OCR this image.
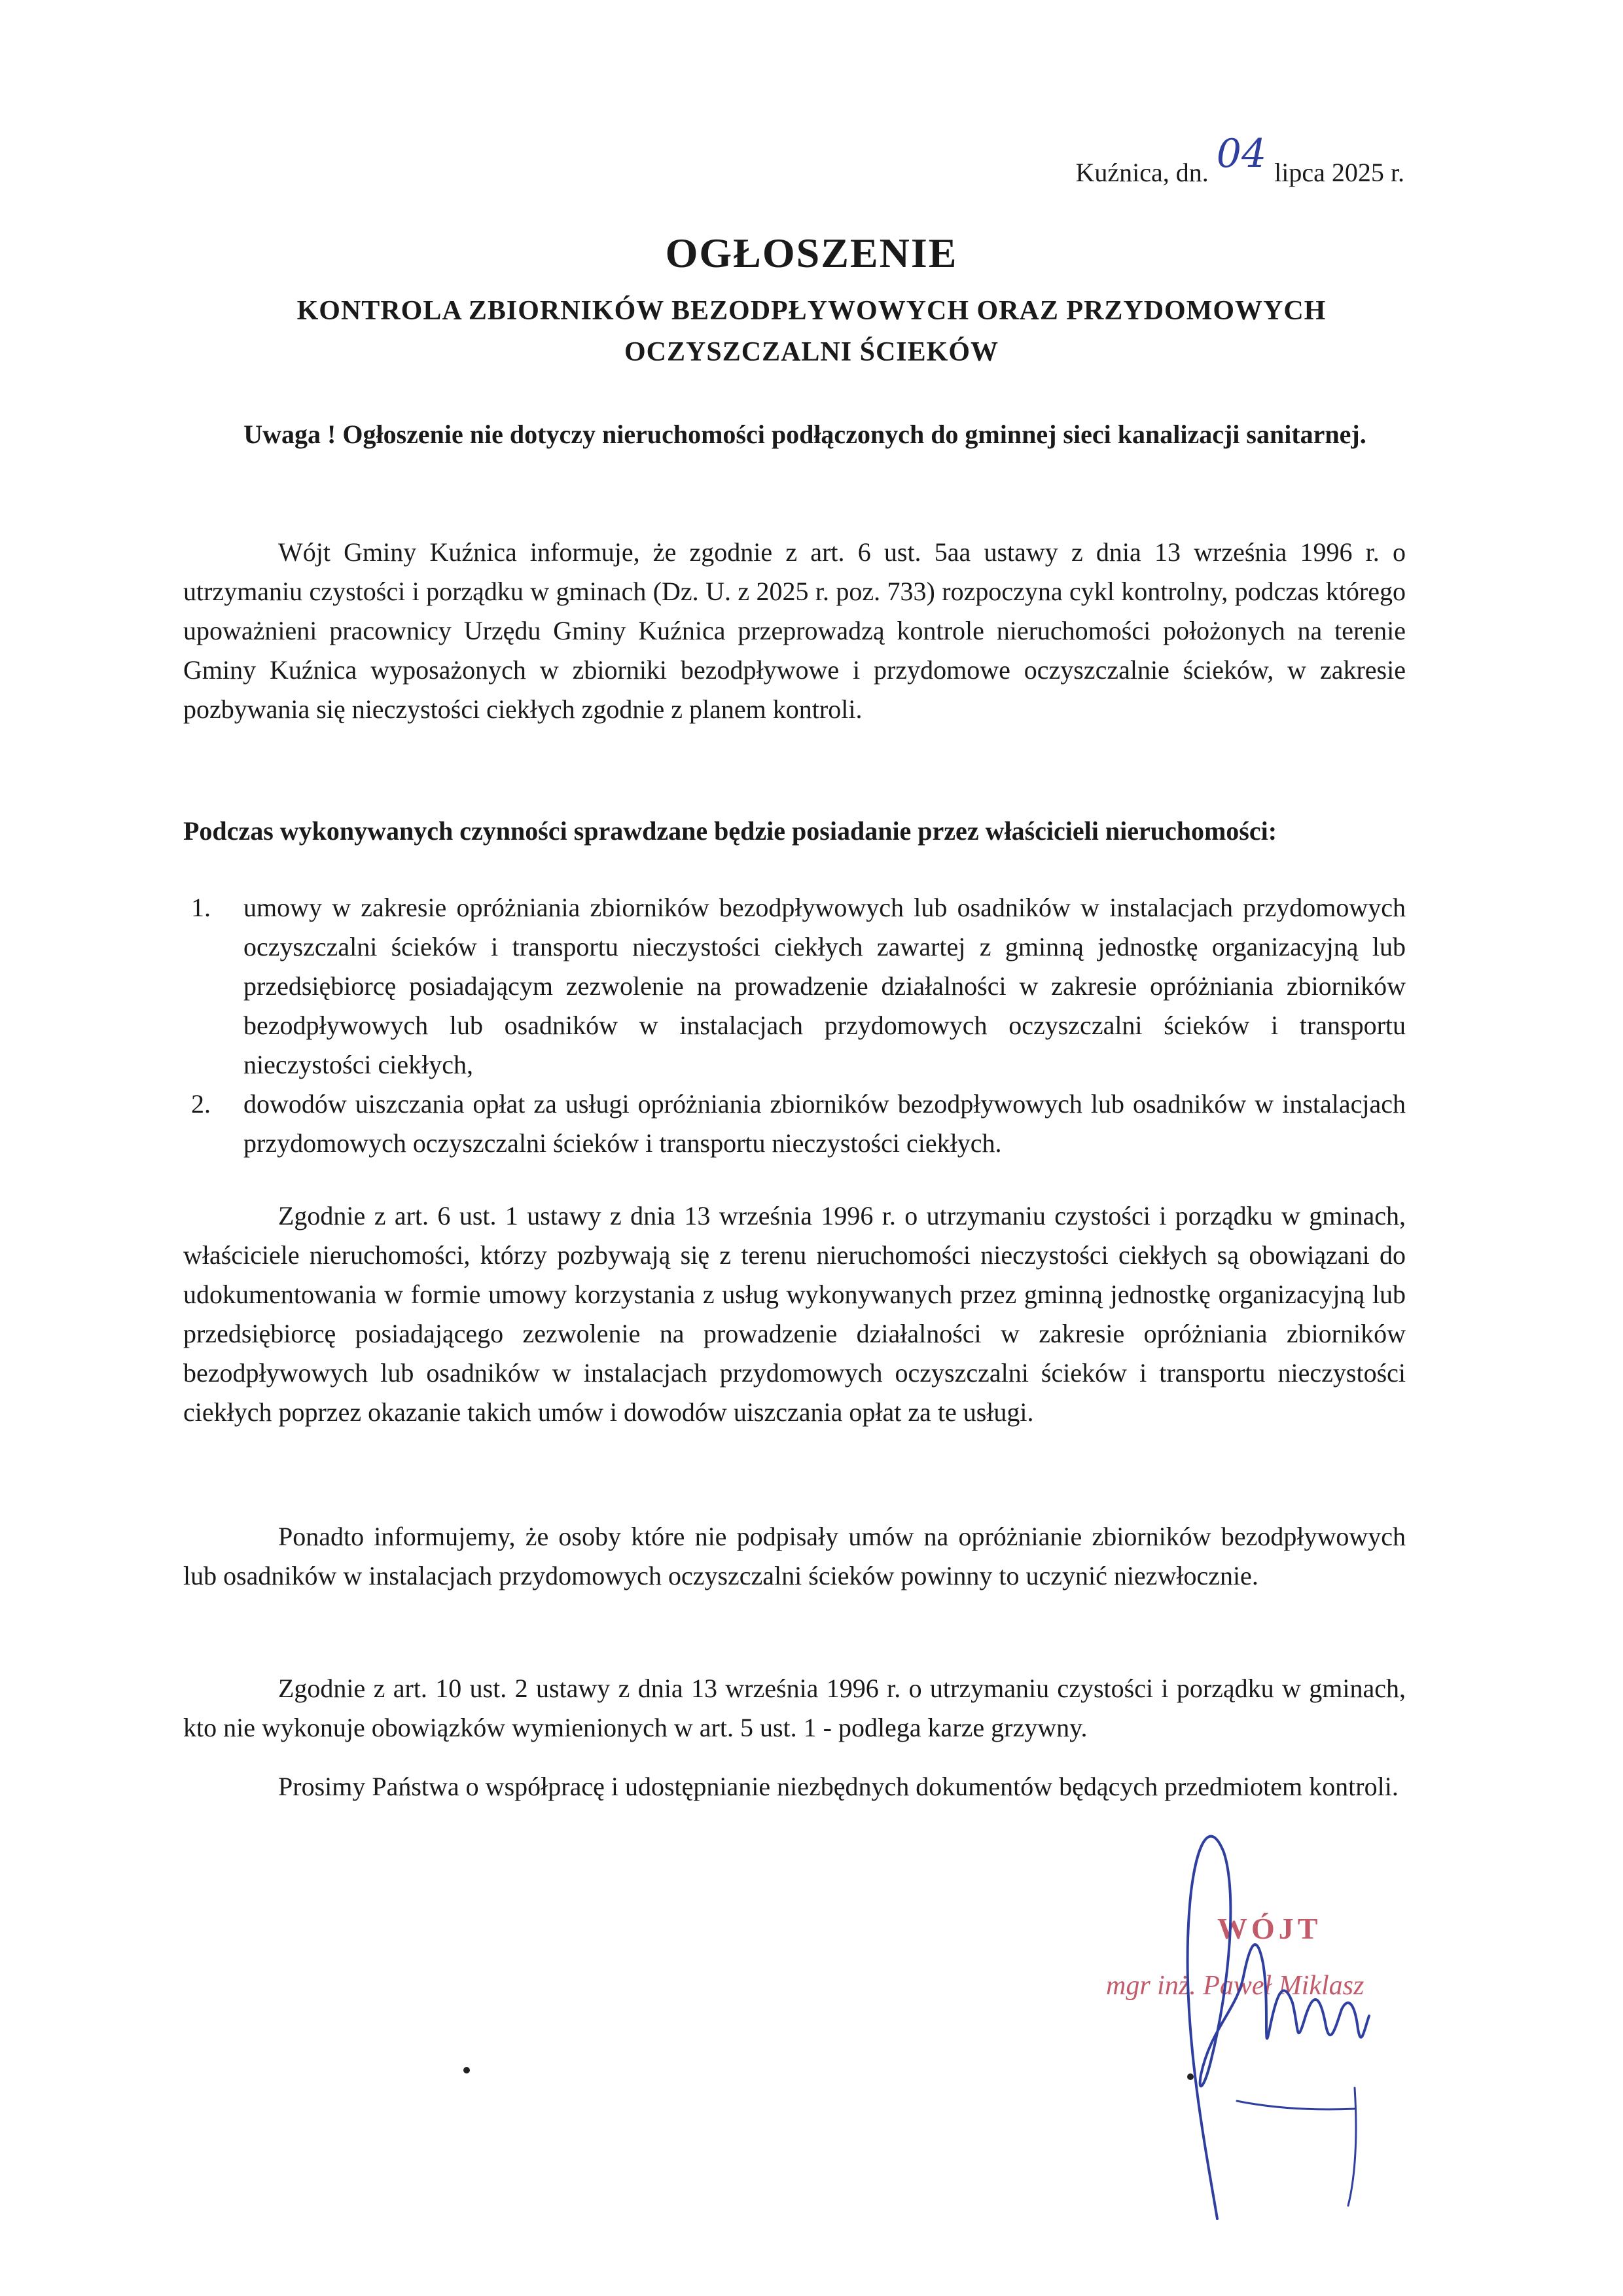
Kuźnica, dn. 04 lipca 2025 r.
OGŁOSZENIE
KONTROLA ZBIORNIKÓW BEZODPŁYWOWYCH ORAZ PRZYDOMOWYCH
OCZYSZCZALNI ŚCIEKÓW
Uwaga ! Ogłoszenie nie dotyczy nieruchomości podłączonych do gminnej sieci kanalizacji sanitarnej.

Wójt Gminy Kuźnica informuje, że zgodnie z art. 6 ust. 5aa ustawy z dnia 13 września 1996 r. o utrzymaniu czystości i porządku w gminach (Dz. U. z 2025 r. poz. 733) rozpoczyna cykl kontrolny, podczas którego upoważnieni pracownicy Urzędu Gminy Kuźnica przeprowadzą kontrole nieruchomości położonych na terenie Gminy Kuźnica wyposażonych w zbiorniki bezodpływowe i przydomowe oczyszczalnie ścieków, w zakresie pozbywania się nieczystości ciekłych zgodnie z planem kontroli.

Podczas wykonywanych czynności sprawdzane będzie posiadanie przez właścicieli nieruchomości:

1. umowy w zakresie opróżniania zbiorników bezodpływowych lub osadników w instalacjach przydomowych oczyszczalni ścieków i transportu nieczystości ciekłych zawartej z gminną jednostkę organizacyjną lub przedsiębiorcę posiadającym zezwolenie na prowadzenie działalności w zakresie opróżniania zbiorników bezodpływowych lub osadników w instalacjach przydomowych oczyszczalni ścieków i transportu nieczystości ciekłych,
2. dowodów uiszczania opłat za usługi opróżniania zbiorników bezodpływowych lub osadników w instalacjach przydomowych oczyszczalni ścieków i transportu nieczystości ciekłych.

Zgodnie z art. 6 ust. 1 ustawy z dnia 13 września 1996 r. o utrzymaniu czystości i porządku w gminach, właściciele nieruchomości, którzy pozbywają się z terenu nieruchomości nieczystości ciekłych są obowiązani do udokumentowania w formie umowy korzystania z usług wykonywanych przez gminną jednostkę organizacyjną lub przedsiębiorcę posiadającego zezwolenie na prowadzenie działalności w zakresie opróżniania zbiorników bezodpływowych lub osadników w instalacjach przydomowych oczyszczalni ścieków i transportu nieczystości ciekłych poprzez okazanie takich umów i dowodów uiszczania opłat za te usługi.

Ponadto informujemy, że osoby które nie podpisały umów na opróżnianie zbiorników bezodpływowych lub osadników w instalacjach przydomowych oczyszczalni ścieków powinny to uczynić niezwłocznie.

Zgodnie z art. 10 ust. 2 ustawy z dnia 13 września 1996 r. o utrzymaniu czystości i porządku w gminach, kto nie wykonuje obowiązków wymienionych w art. 5 ust. 1 - podlega karze grzywny.

Prosimy Państwa o współpracę i udostępnianie niezbędnych dokumentów będących przedmiotem kontroli.

WÓJT
mgr inż. Paweł Miklasz
